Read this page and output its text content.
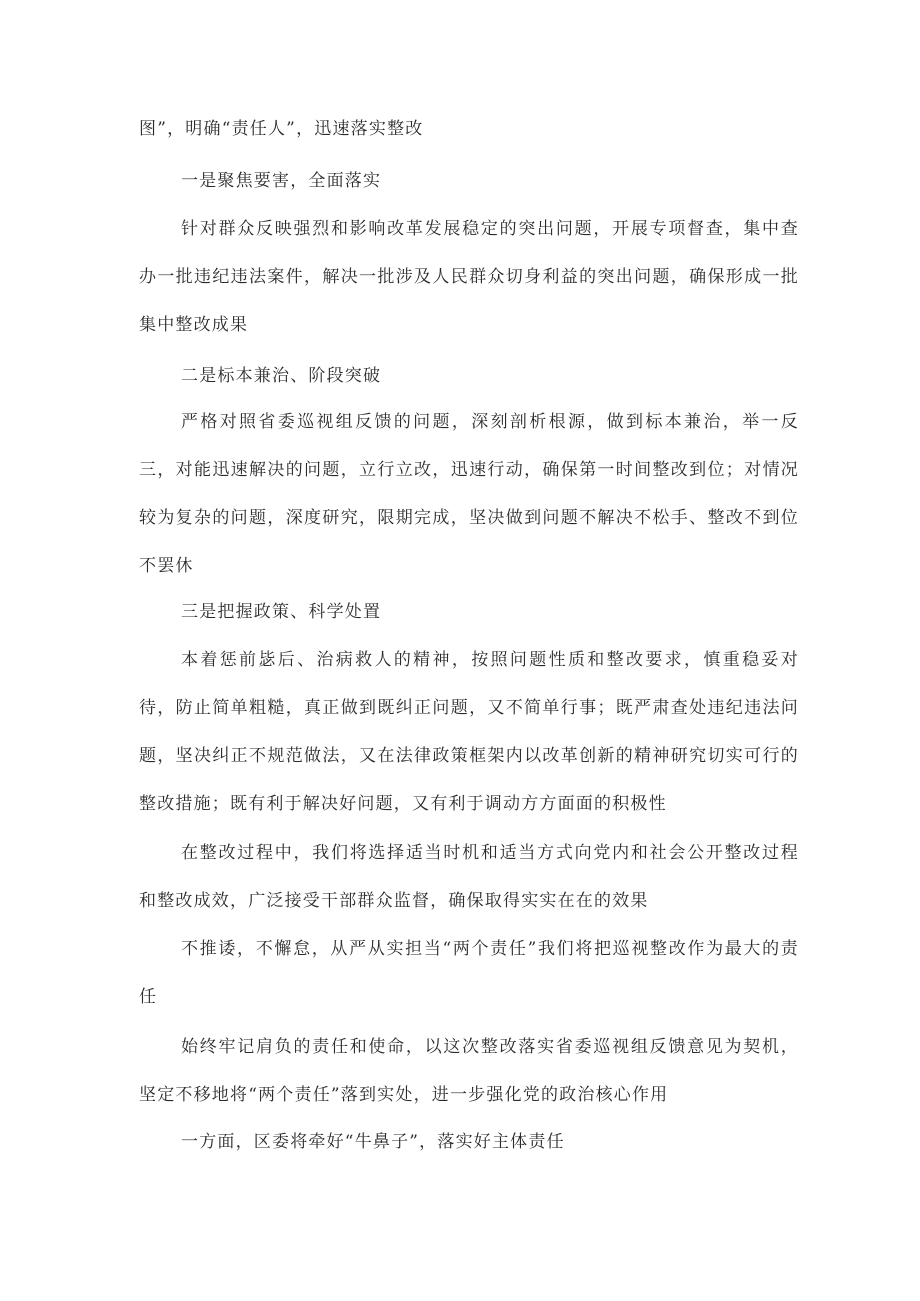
图”，明确“责任人”，迅速落实整改

一是聚焦要害，全面落实

针对群众反映强烈和影响改革发展稳定的突出问题，开展专项督查，集中查办一批违纪违法案件，解决一批涉及人民群众切身利益的突出问题，确保形成一批集中整改成果

二是标本兼治、阶段突破

严格对照省委巡视组反馈的问题，深刻剖析根源，做到标本兼治，举一反三，对能迅速解决的问题，立行立改，迅速行动，确保第一时间整改到位；对情况较为复杂的问题，深度研究，限期完成，坚决做到问题不解决不松手、整改不到位不罢休

三是把握政策、科学处置

本着惩前毖后、治病救人的精神，按照问题性质和整改要求，慎重稳妥对待，防止简单粗糙，真正做到既纠正问题，又不简单行事；既严肃查处违纪违法问题，坚决纠正不规范做法，又在法律政策框架内以改革创新的精神研究切实可行的整改措施；既有利于解决好问题，又有利于调动方方面面的积极性

在整改过程中，我们将选择适当时机和适当方式向党内和社会公开整改过程和整改成效，广泛接受干部群众监督，确保取得实实在在的效果

不推诿，不懈怠，从严从实担当“两个责任”我们将把巡视整改作为最大的责任

始终牢记肩负的责任和使命，以这次整改落实省委巡视组反馈意见为契机，坚定不移地将“两个责任”落到实处，进一步强化党的政治核心作用

一方面，区委将牵好“牛鼻子”，落实好主体责任
